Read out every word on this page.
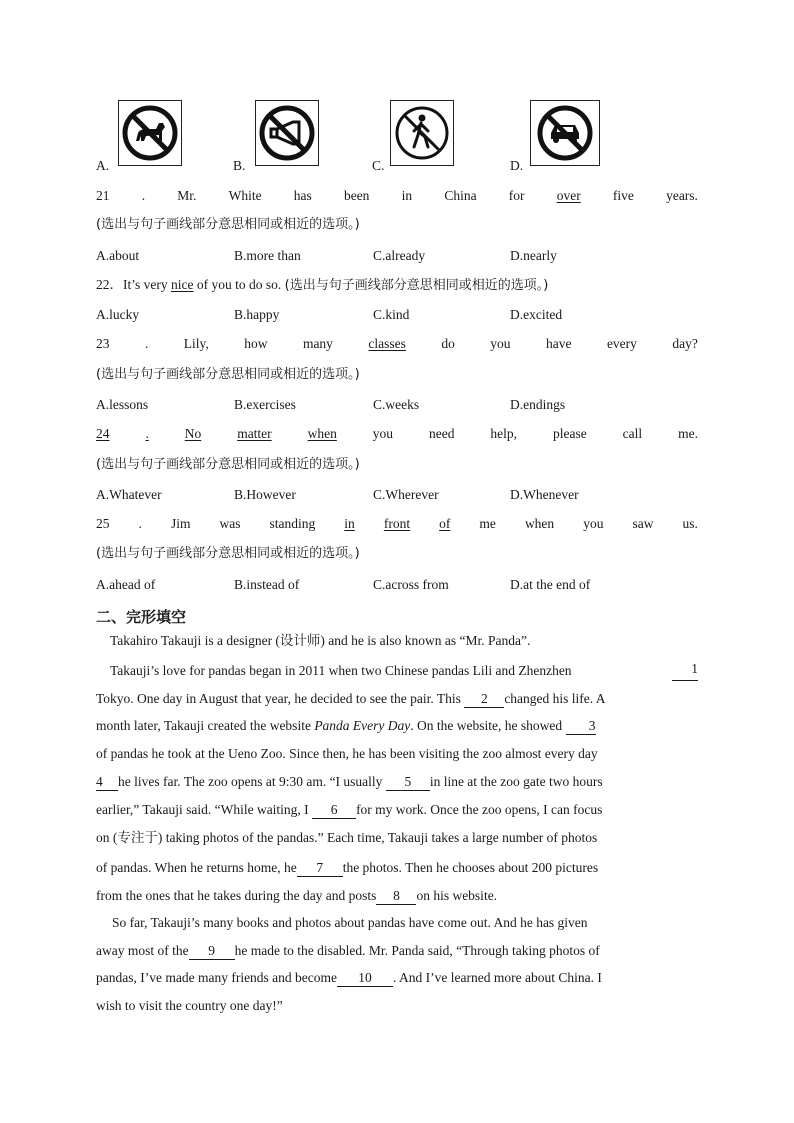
A.	B.	C.	D.
21 . Mr. White has been in China for over five years.
(选出与句子画线部分意思相同或相近的选项。)
A.about	B.more than	C.already	D.nearly
22．It’s very nice of you to do so. (选出与句子画线部分意思相同或相近的选项。)
A.lucky	B.happy	C.kind	D.excited
23	.	Lily,	how	many	classes	do	you	have	every	day?
(选出与句子画线部分意思相同或相近的选项。)
A.lessons	B.exercises	C.weeks	D.endings
24	.	No	matter	when	you	need	help,	please	call	me.
(选出与句子画线部分意思相同或相近的选项。)
A.Whatever	B.However	C.Wherever	D.Whenever
25 . Jim was standing in front of me when you saw us.
(选出与句子画线部分意思相同或相近的选项。)
A.ahead of	B.instead of	C.across from	D.at the end of
二、完形填空
Takahiro Takauji is a designer (设计师) and he is also known as “Mr. Panda”.
Takauji’s love for pandas began in 2011 when two Chinese pandas Lili and Zhenzhen	1
Tokyo. One day in August that year, he decided to see the pair. This 2 changed his life. A
month later, Takauji created the website Panda Every Day. On the website, he showed 3
of pandas he took at the Ueno Zoo. Since then, he has been visiting the zoo almost every day
4 he lives far. The zoo opens at 9:30 am. “I usually 5 in line at the zoo gate two hours
earlier,” Takauji said. “While waiting, I 6 for my work. Once the zoo opens, I can focus
on (专注于) taking photos of the pandas.” Each time, Takauji takes a large number of photos
of pandas. When he returns home, he 7 the photos. Then he chooses about 200 pictures
from the ones that he takes during the day and posts 8 on his website.
So far, Takauji’s many books and photos about pandas have come out. And he has given
away most of the 9 he made to the disabled. Mr. Panda said, “Through taking photos of
pandas, I’ve made many friends and become 10 . And I’ve learned more about China. I
wish to visit the country one day!”
